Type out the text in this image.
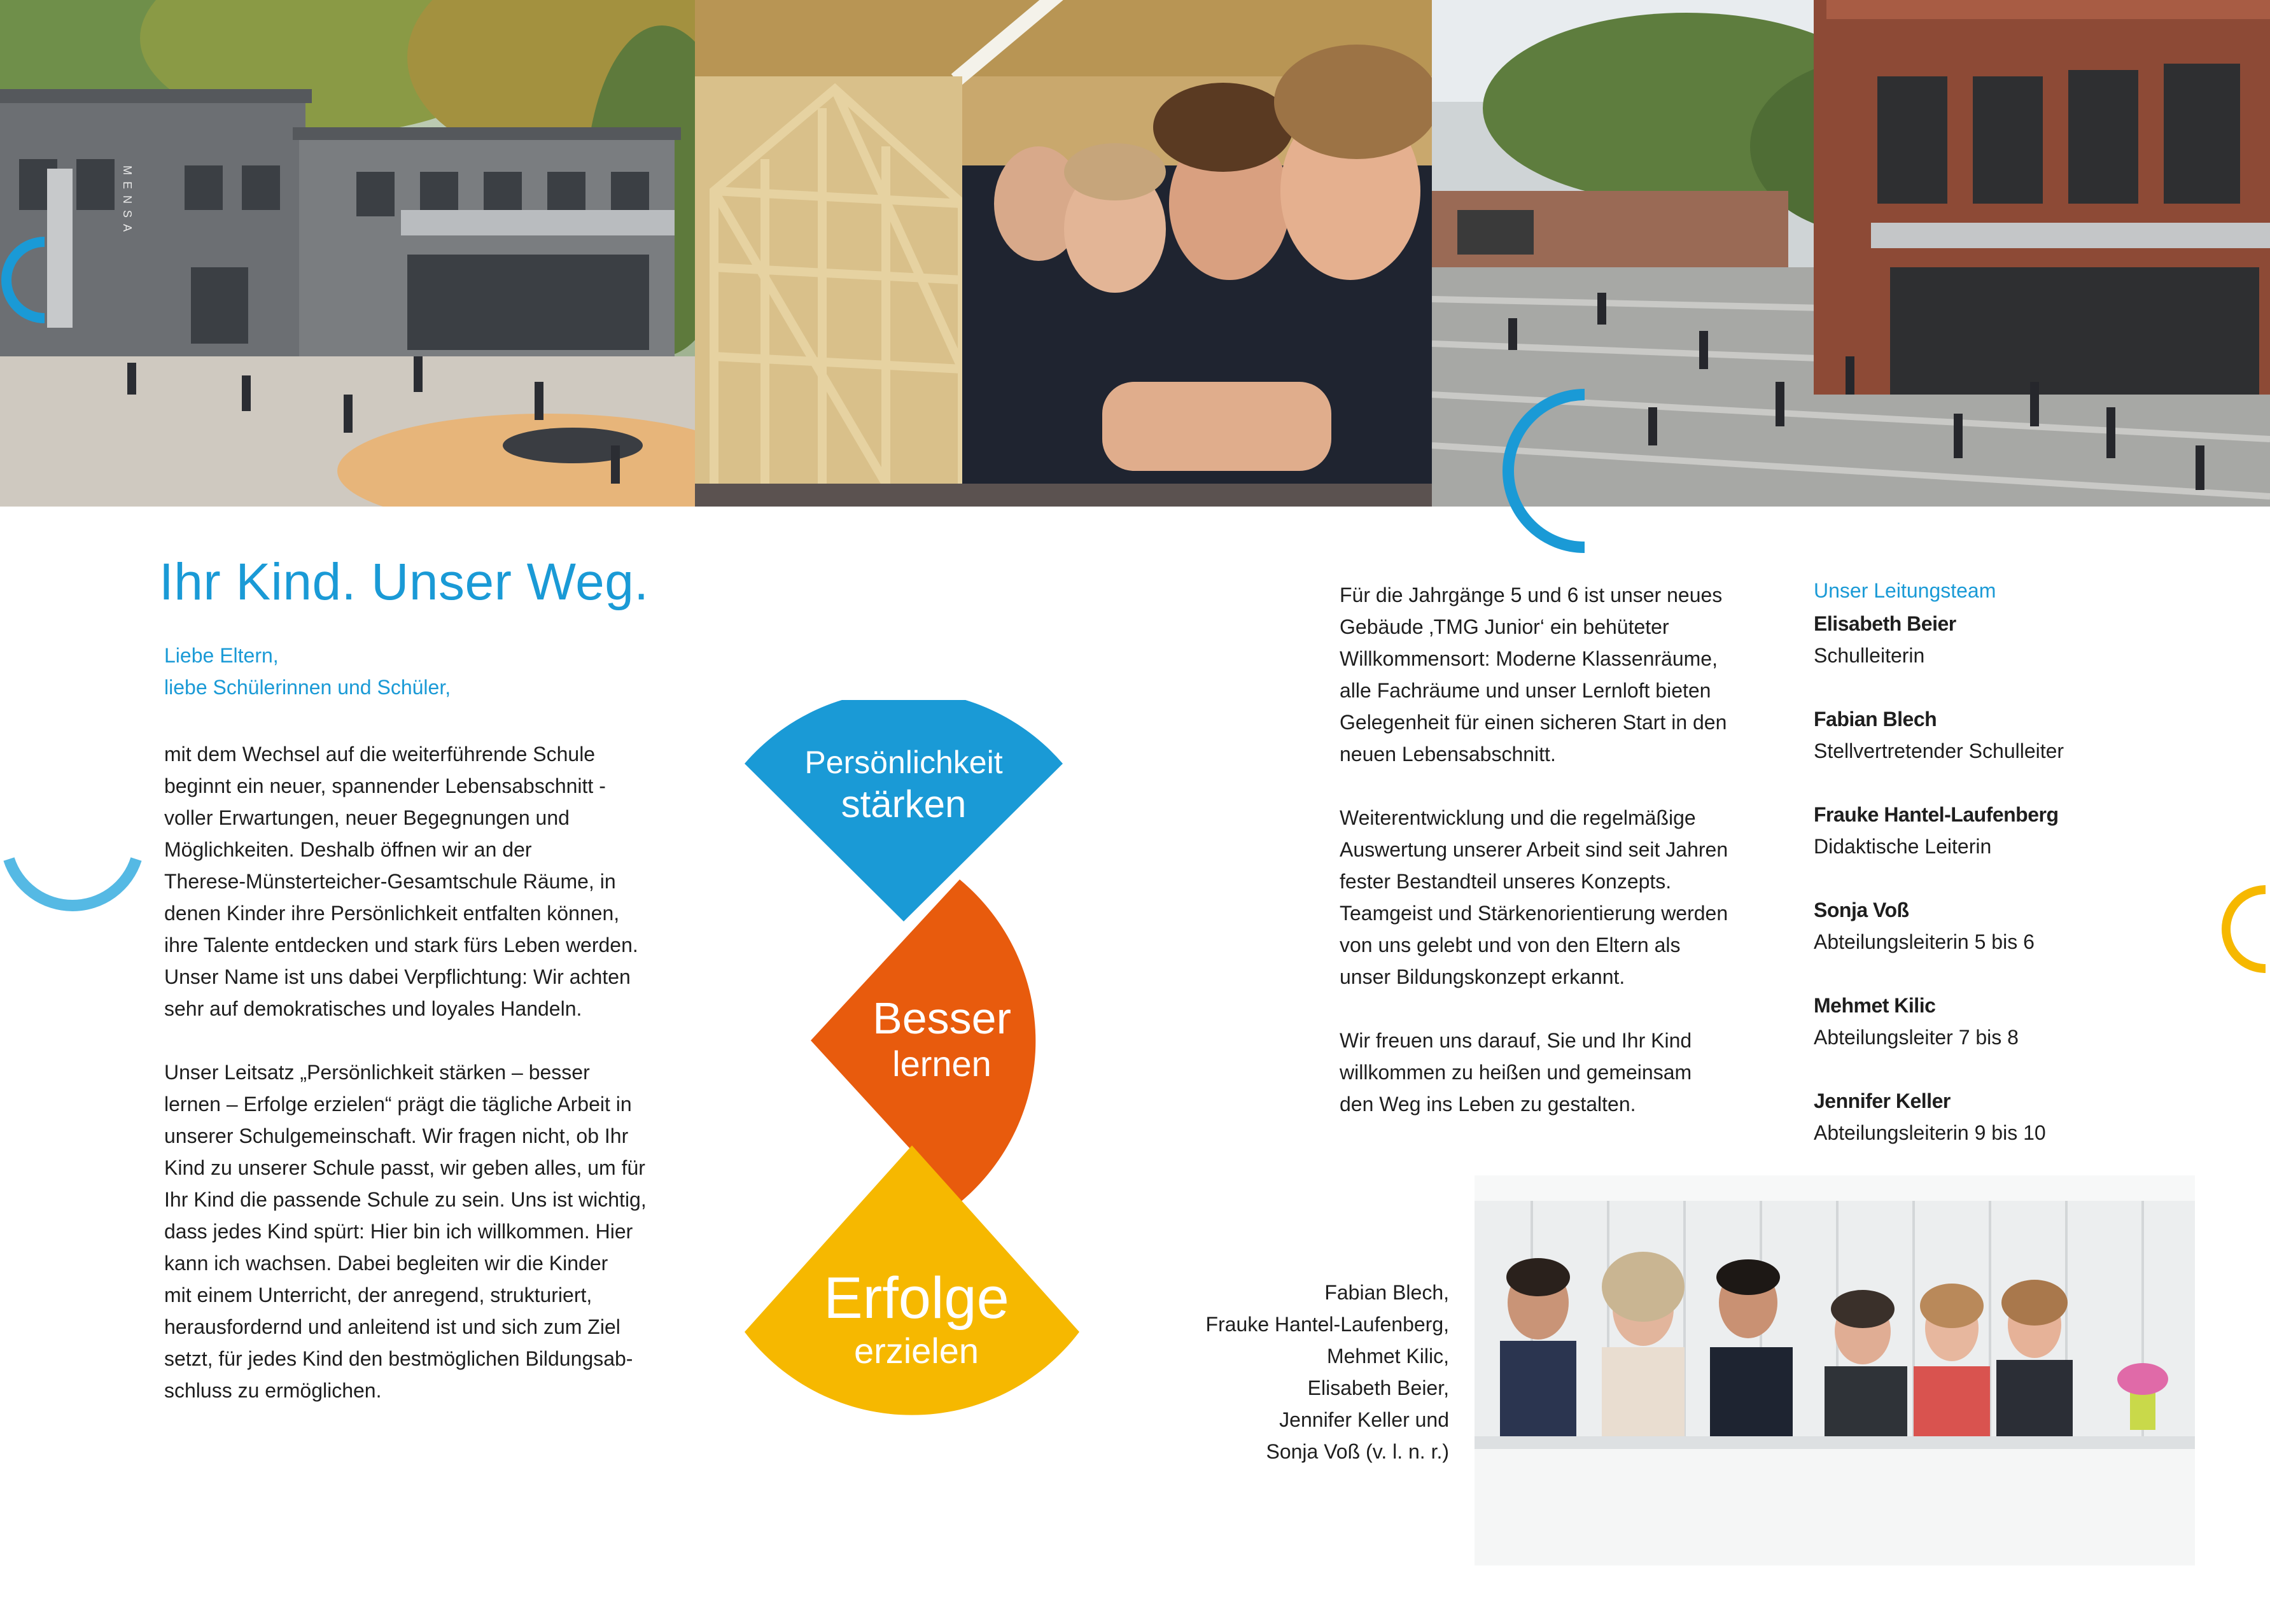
MENSA
Ihr Kind. Unser Weg.
Liebe Eltern,
liebe Schülerinnen und Schüler,
mit dem Wechsel auf die weiterführende Schule
beginnt ein neuer, spannender Lebensabschnitt -
voller Erwartungen, neuer Begegnungen und
Möglichkeiten. Deshalb öffnen wir an der
Therese-Münsterteicher-Gesamtschule Räume, in
denen Kinder ihre Persönlichkeit entfalten können,
ihre Talente entdecken und stark fürs Leben werden.
Unser Name ist uns dabei Verpflichtung: Wir achten
sehr auf demokratisches und loyales Handeln.
Unser Leitsatz „Persönlichkeit stärken – besser
lernen – Erfolge erzielen“ prägt die tägliche Arbeit in
unserer Schulgemeinschaft. Wir fragen nicht, ob Ihr
Kind zu unserer Schule passt, wir geben alles, um für
Ihr Kind die passende Schule zu sein. Uns ist wichtig,
dass jedes Kind spürt: Hier bin ich willkommen. Hier
kann ich wachsen. Dabei begleiten wir die Kinder
mit einem Unterricht, der anregend, strukturiert,
herausfordernd und anleitend ist und sich zum Ziel
setzt, für jedes Kind den bestmöglichen Bildungsab-
schluss zu ermöglichen.
Persönlichkeit
stärken
Besser
lernen
Erfolge
erzielen
Für die Jahrgänge 5 und 6 ist unser neues
Gebäude ‚TMG Junior‘ ein behüteter
Willkommensort: Moderne Klassenräume,
alle Fachräume und unser Lernloft bieten
Gelegenheit für einen sicheren Start in den
neuen Lebensabschnitt.
Weiterentwicklung und die regelmäßige
Auswertung unserer Arbeit sind seit Jahren
fester Bestandteil unseres Konzepts.
Teamgeist und Stärkenorientierung werden
von uns gelebt und von den Eltern als
unser Bildungskonzept erkannt.
Wir freuen uns darauf, Sie und Ihr Kind
willkommen zu heißen und gemeinsam
den Weg ins Leben zu gestalten.
Unser Leitungsteam
Elisabeth Beier
Schulleiterin
Fabian Blech
Stellvertretender Schulleiter
Frauke Hantel-Laufenberg
Didaktische Leiterin
Sonja Voß
Abteilungsleiterin 5 bis 6
Mehmet Kilic
Abteilungsleiter 7 bis 8
Jennifer Keller
Abteilungsleiterin 9 bis 10
Fabian Blech,
Frauke Hantel-Laufenberg,
Mehmet Kilic,
Elisabeth Beier,
Jennifer Keller und
Sonja Voß (v. l. n. r.)
